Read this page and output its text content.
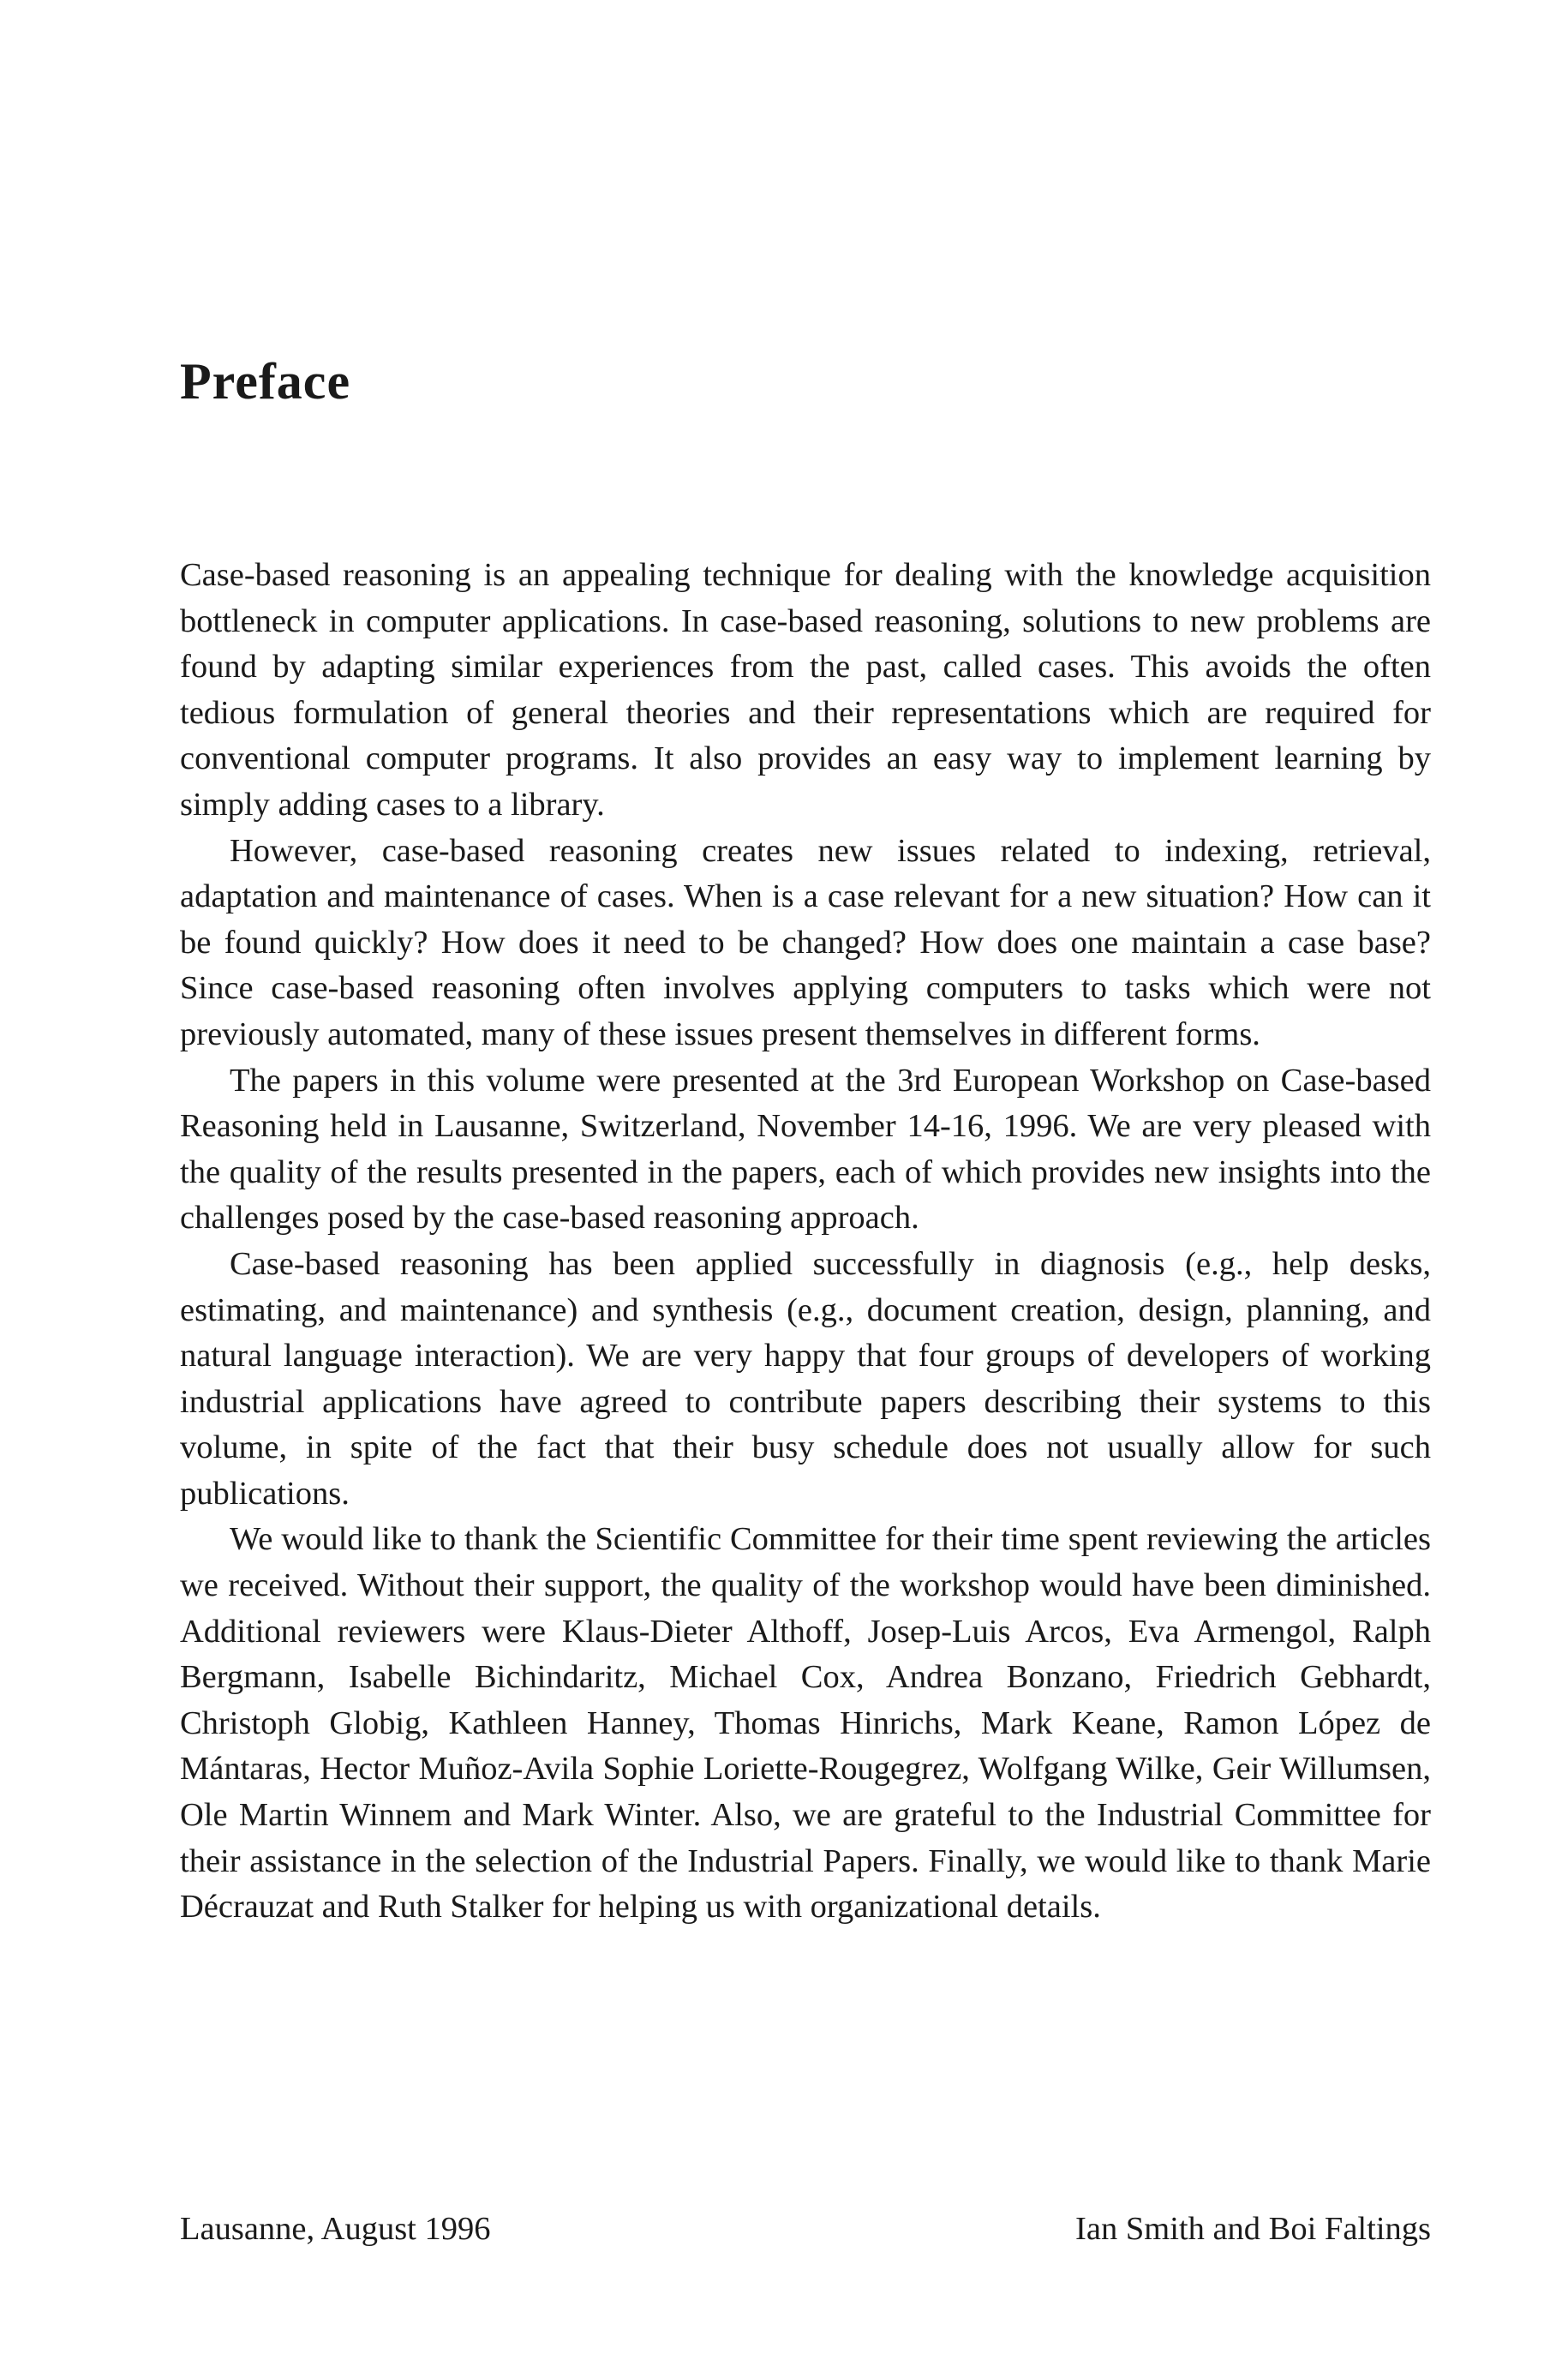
Preface

Case-based reasoning is an appealing technique for dealing with the knowledge acquisition bottleneck in computer applications. In case-based reasoning, solutions to new problems are found by adapting similar experiences from the past, called cases. This avoids the often tedious formulation of general theories and their representations which are required for conventional computer programs. It also provides an easy way to implement learning by simply adding cases to a library.

However, case-based reasoning creates new issues related to indexing, retrieval, adaptation and maintenance of cases. When is a case relevant for a new situation? How can it be found quickly? How does it need to be changed? How does one maintain a case base? Since case-based reasoning often involves applying computers to tasks which were not previously automated, many of these issues present themselves in different forms.

The papers in this volume were presented at the 3rd European Workshop on Case-based Reasoning held in Lausanne, Switzerland, November 14-16, 1996. We are very pleased with the quality of the results presented in the papers, each of which provides new insights into the challenges posed by the case-based reasoning approach.

Case-based reasoning has been applied successfully in diagnosis (e.g., help desks, estimating, and maintenance) and synthesis (e.g., document creation, design, planning, and natural language interaction). We are very happy that four groups of developers of working industrial applications have agreed to contribute papers describing their systems to this volume, in spite of the fact that their busy schedule does not usually allow for such publications.

We would like to thank the Scientific Committee for their time spent reviewing the articles we received. Without their support, the quality of the workshop would have been diminished. Additional reviewers were Klaus-Dieter Althoff, Josep-Luis Arcos, Eva Armengol, Ralph Bergmann, Isabelle Bichindaritz, Michael Cox, Andrea Bonzano, Friedrich Gebhardt, Christoph Globig, Kathleen Hanney, Thomas Hinrichs, Mark Keane, Ramon López de Mántaras, Hector Muñoz-Avila Sophie Loriette-Rougegrez, Wolfgang Wilke, Geir Willumsen, Ole Martin Winnem and Mark Winter. Also, we are grateful to the Industrial Committee for their assistance in the selection of the Industrial Papers. Finally, we would like to thank Marie Décrauzat and Ruth Stalker for helping us with organizational details.

Lausanne, August 1996	Ian Smith and Boi Faltings
